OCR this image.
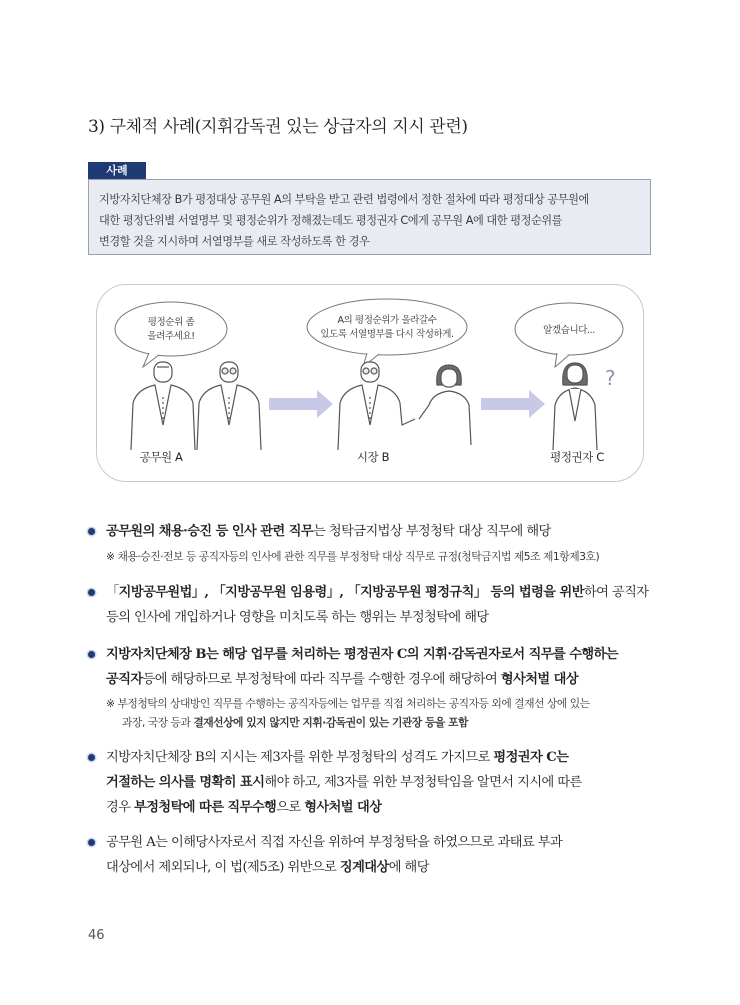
3) 구체적 사례(지휘감독권 있는 상급자의 지시 관련)
사례
지방자치단체장 B가 평정대상 공무원 A의 부탁을 받고 관련 법령에서 정한 절차에 따라 평정대상 공무원에
대한 평정단위별 서열명부 및 평정순위가 정해졌는데도 평정권자 C에게 공무원 A에 대한 평정순위를
변경할 것을 지시하며 서열명부를 새로 작성하도록 한 경우
평정순위 좀
올려주세요!
A의 평정순위가 올라갈수
있도록 서열명부를 다시 작성하게.	알겠습니다...
공무원 A	시장 B
?
평정권자 C
공무원의 채용·승진 등 인사 관련 직무는 청탁금지법상 부정청탁 대상 직무에 해당
※ 채용·승진·전보 등 공직자등의 인사에 관한 직무를 부정청탁 대상 직무로 규정(청탁금지법 제5조 제1항제3호)
「지방공무원법」, 「지방공무원 임용령」, 「지방공무원 평정규칙」 등의 법령을 위반하여 공직자
등의 인사에 개입하거나 영향을 미치도록 하는 행위는 부정청탁에 해당
지방자치단체장 B는 해당 업무를 처리하는 평정권자 C의 지휘·감독권자로서 직무를 수행하는
공직자등에 해당하므로 부정청탁에 따라 직무를 수행한 경우에 해당하여 형사처벌 대상
※ 부정청탁의 상대방인 직무를 수행하는 공직자등에는 업무를 직접 처리하는 공직자등 외에 결재선 상에 있는
과장, 국장 등과 결재선상에 있지 않지만 지휘·감독권이 있는 기관장 등을 포함
지방자치단체장 B의 지시는 제3자를 위한 부정청탁의 성격도 가지므로 평정권자 C는
거절하는 의사를 명확히 표시해야 하고, 제3자를 위한 부정청탁임을 알면서 지시에 따른
경우 부정청탁에 따른 직무수행으로 형사처벌 대상
공무원 A는 이해당사자로서 직접 자신을 위하여 부정청탁을 하였으므로 과태료 부과
대상에서 제외되나, 이 법(제5조) 위반으로 징계대상에 해당
46
